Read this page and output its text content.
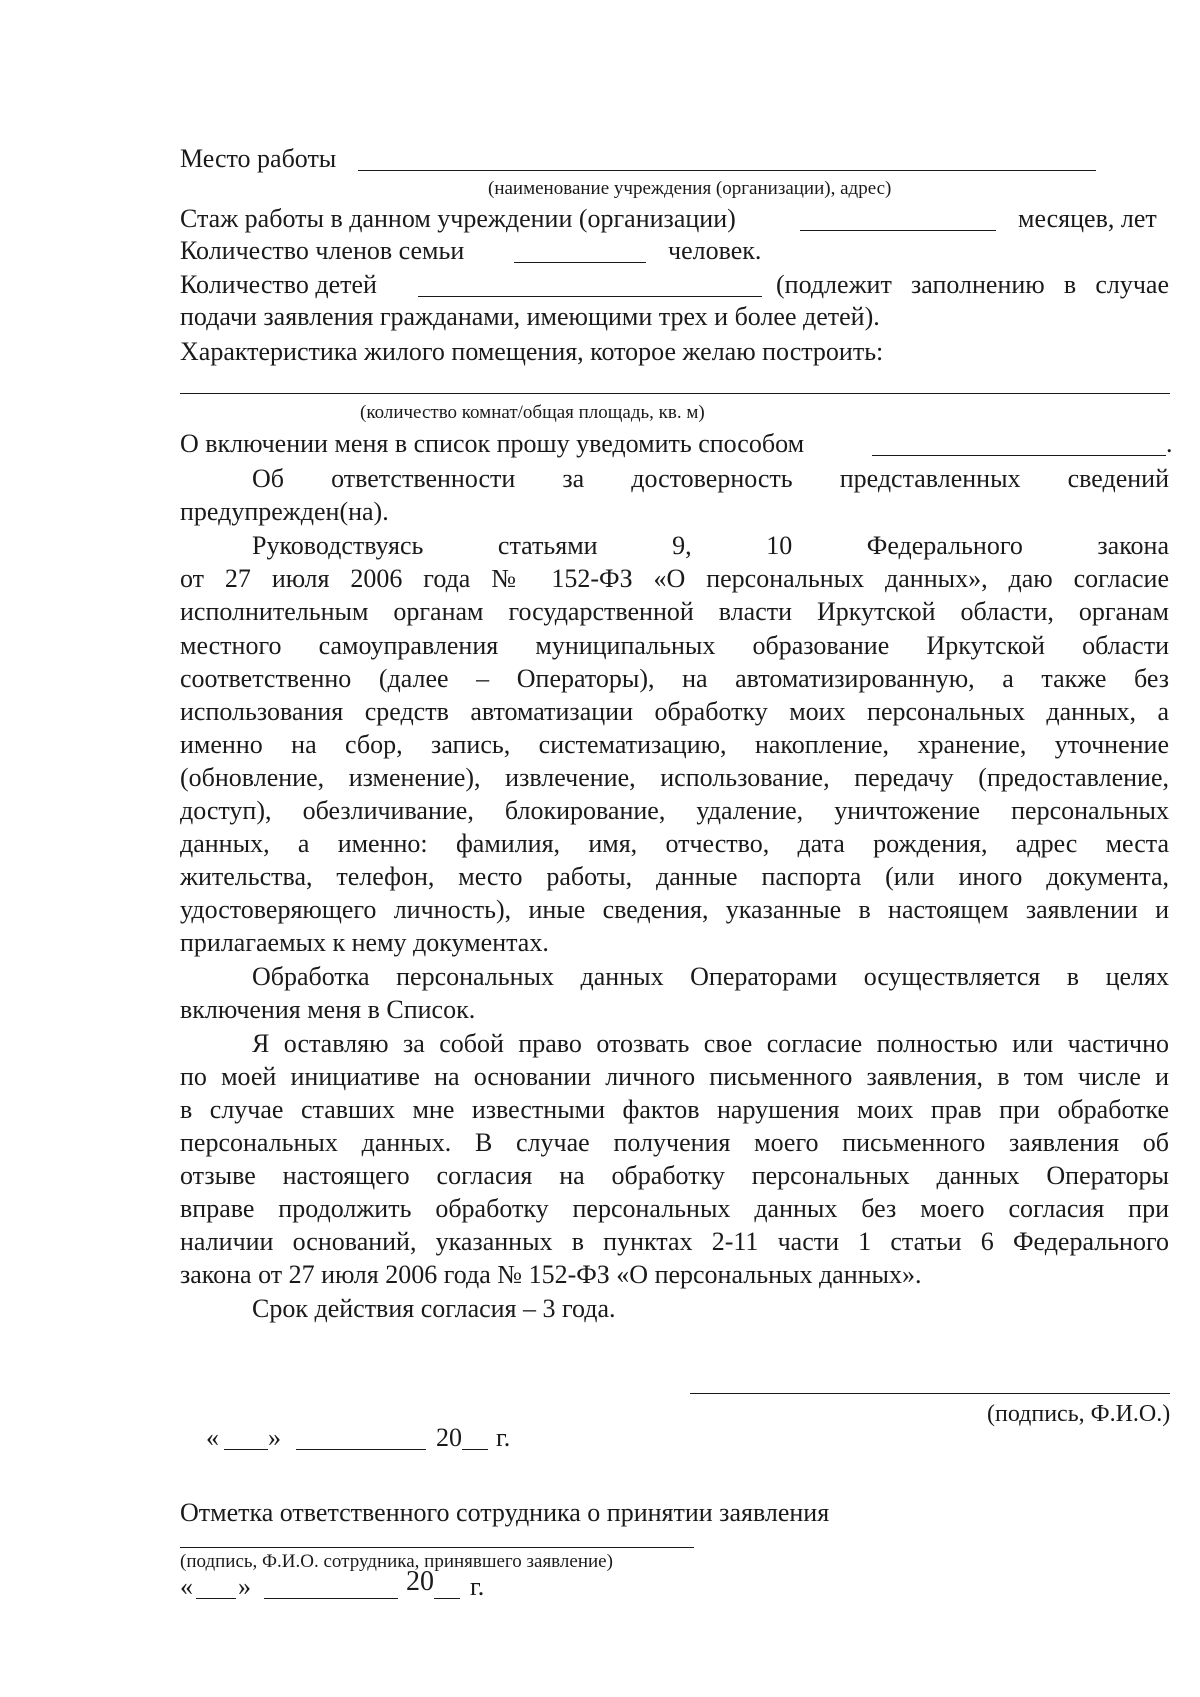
Место работы
(наименование учреждения (организации), адрес)
Стаж работы в данном учреждении (организации)	месяцев, лет
Количество членов семьи	человек.
Количество детей	(подлежит заполнению в случае
подачи заявления гражданами, имеющими трех и более детей).
Характеристика жилого помещения, которое желаю построить:
(количество комнат/общая площадь, кв. м)
О включении меня в список прошу уведомить способом	.
Об ответственности за достоверность представленных сведений
предупрежден(на).
Руководствуясь статьями 9, 10 Федерального закона
от 27 июля 2006 года № 152-ФЗ «О персональных данных», даю согласие
исполнительным органам государственной власти Иркутской области, органам
местного самоуправления муниципальных образование Иркутской области
соответственно (далее – Операторы), на автоматизированную, а также без
использования средств автоматизации обработку моих персональных данных, а
именно на сбор, запись, систематизацию, накопление, хранение, уточнение
(обновление, изменение), извлечение, использование, передачу (предоставление,
доступ), обезличивание, блокирование, удаление, уничтожение персональных
данных, а именно: фамилия, имя, отчество, дата рождения, адрес места
жительства, телефон, место работы, данные паспорта (или иного документа,
удостоверяющего личность), иные сведения, указанные в настоящем заявлении и
прилагаемых к нему документах.
Обработка персональных данных Операторами осуществляется в целях
включения меня в Список.
Я оставляю за собой право отозвать свое согласие полностью или частично
по моей инициативе на основании личного письменного заявления, в том числе и
в случае ставших мне известными фактов нарушения моих прав при обработке
персональных данных. В случае получения моего письменного заявления об
отзыве настоящего согласия на обработку персональных данных Операторы
вправе продолжить обработку персональных данных без моего согласия при
наличии оснований, указанных в пунктах 2-11 части 1 статьи 6 Федерального
закона от 27 июля 2006 года № 152-ФЗ «О персональных данных».
Срок действия согласия – 3 года.
(подпись, Ф.И.О.)
« »	20 г.
Отметка ответственного сотрудника о принятии заявления
(подпись, Ф.И.О. сотрудника, принявшего заявление)
« »	20 г.
